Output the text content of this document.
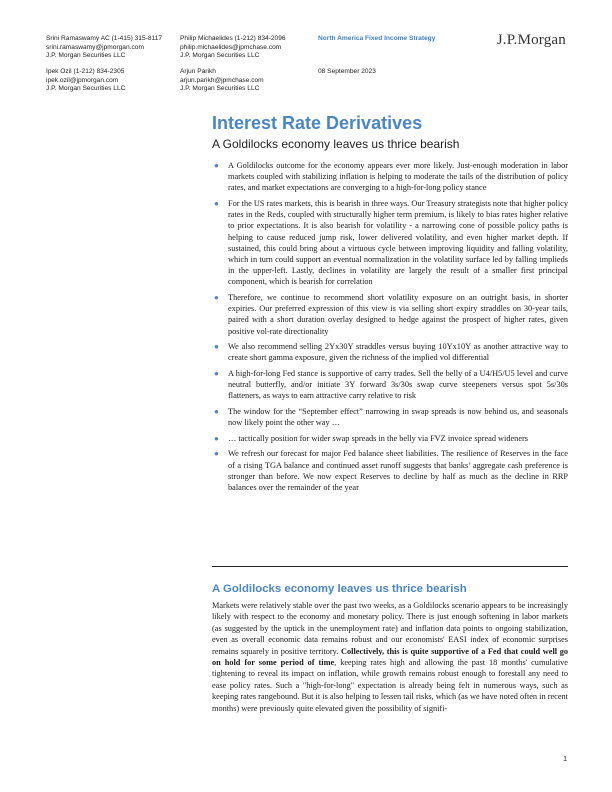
Srini Ramaswamy AC (1-415) 315-8117
srini.ramaswamy@jpmorgan.com
J.P. Morgan Securities LLC
Ipek Ozil (1-212) 834-2305
ipek.ozil@jpmorgan.com
J.P. Morgan Securities LLC
Philip Michaelides (1-212) 834-2096
philip.michaelides@jpmchase.com
J.P. Morgan Securities LLC
Arjun Parikh
arjun.parikh@jpmchase.com
J.P. Morgan Securities LLC
North America Fixed Income Strategy
08 September 2023
J.P.Morgan
Interest Rate Derivatives
A Goldilocks economy leaves us thrice bearish
● A Goldilocks outcome for the economy appears ever more likely. Just-enough moderation in labor markets coupled with stabilizing inflation is helping to moderate the tails of the distribution of policy rates, and market expectations are converging to a high-for-long policy stance
● For the US rates markets, this is bearish in three ways. Our Treasury strategists note that higher policy rates in the Reds, coupled with structurally higher term premium, is likely to bias rates higher relative to prior expectations. It is also bearish for volatility - a narrowing cone of possible policy paths is helping to cause reduced jump risk, lower delivered volatility, and even higher market depth. If sustained, this could bring about a virtuous cycle between improving liquidity and falling volatility, which in turn could support an eventual normalization in the volatility surface led by falling implieds in the upper-left. Lastly, declines in volatility are largely the result of a smaller first principal component, which is bearish for correlation
● Therefore, we continue to recommend short volatility exposure on an outright basis, in shorter expiries. Our preferred expression of this view is via selling short expiry straddles on 30-year tails, paired with a short duration overlay designed to hedge against the prospect of higher rates, given positive vol-rate directionality
● We also recommend selling 2Yx30Y straddles versus buying 10Yx10Y as another attractive way to create short gamma exposure, given the richness of the implied vol differential
● A high-for-long Fed stance is supportive of carry trades. Sell the belly of a U4/H5/U5 level and curve neutral butterfly, and/or initiate 3Y forward 3s/30s swap curve steepeners versus spot 5s/30s flatteners, as ways to earn attractive carry relative to risk
● The window for the “September effect” narrowing in swap spreads is now behind us, and seasonals now likely point the other way …
● … tactically position for wider swap spreads in the belly via FVZ invoice spread wideners
● We refresh our forecast for major Fed balance sheet liabilities. The resilience of Reserves in the face of a rising TGA balance and continued asset runoff suggests that banks’ aggregate cash preference is stronger than before. We now expect Reserves to decline by half as much as the decline in RRP balances over the remainder of the year
A Goldilocks economy leaves us thrice bearish

Markets were relatively stable over the past two weeks, as a Goldilocks scenario appears to be increasingly likely with respect to the economy and monetary policy. There is just enough softening in labor markets (as suggested by the uptick in the unemployment rate) and inflation data points to ongoing stabilization, even as overall economic data remains robust and our economists' EASI index of economic surprises remains squarely in positive territory. Collectively, this is quite supportive of a Fed that could well go on hold for some period of time, keeping rates high and allowing the past 18 months' cumulative tightening to reveal its impact on inflation, while growth remains robust enough to forestall any need to ease policy rates. Such a "high-for-long" expectation is already being felt in numerous ways, such as keeping rates rangebound. But it is also helping to lessen tail risks, which (as we have noted often in recent months) were previously quite elevated given the possibility of signifi-

1
